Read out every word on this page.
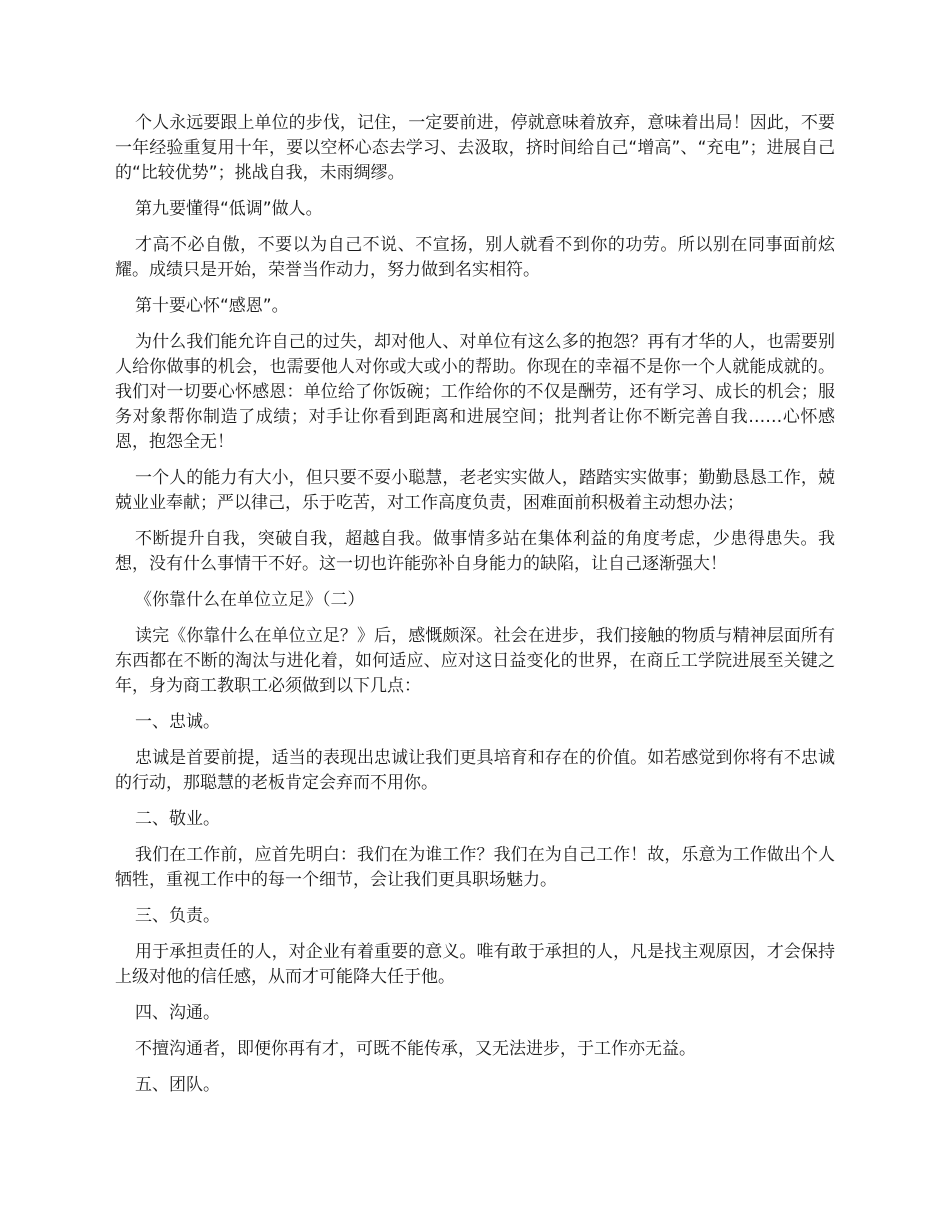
个人永远要跟上单位的步伐，记住，一定要前进，停就意味着放弃，意味着出局！因此，不要一年经验重复用十年，要以空杯心态去学习、去汲取，挤时间给自己“增高”、“充电”；进展自己的“比较优势”；挑战自我，未雨绸缪。

第九要懂得“低调”做人。

才高不必自傲，不要以为自己不说、不宣扬，别人就看不到你的功劳。所以别在同事面前炫耀。成绩只是开始，荣誉当作动力，努力做到名实相符。

第十要心怀“感恩”。

为什么我们能允许自己的过失，却对他人、对单位有这么多的抱怨？再有才华的人，也需要别人给你做事的机会，也需要他人对你或大或小的帮助。你现在的幸福不是你一个人就能成就的。我们对一切要心怀感恩：单位给了你饭碗；工作给你的不仅是酬劳，还有学习、成长的机会；服务对象帮你制造了成绩；对手让你看到距离和进展空间；批判者让你不断完善自我……心怀感恩，抱怨全无！

一个人的能力有大小，但只要不耍小聪慧，老老实实做人，踏踏实实做事；勤勤恳恳工作，兢兢业业奉献；严以律己，乐于吃苦，对工作高度负责，困难面前积极着主动想办法；

不断提升自我，突破自我，超越自我。做事情多站在集体利益的角度考虑，少患得患失。我想，没有什么事情干不好。这一切也许能弥补自身能力的缺陷，让自己逐渐强大！

《你靠什么在单位立足》（二）

读完《你靠什么在单位立足？》后，感慨颇深。社会在进步，我们接触的物质与精神层面所有东西都在不断的淘汰与进化着，如何适应、应对这日益变化的世界，在商丘工学院进展至关键之年，身为商工教职工必须做到以下几点：

一、忠诚。

忠诚是首要前提，适当的表现出忠诚让我们更具培育和存在的价值。如若感觉到你将有不忠诚的行动，那聪慧的老板肯定会弃而不用你。

二、敬业。

我们在工作前，应首先明白：我们在为谁工作？我们在为自己工作！故，乐意为工作做出个人牺牲，重视工作中的每一个细节，会让我们更具职场魅力。

三、负责。

用于承担责任的人，对企业有着重要的意义。唯有敢于承担的人，凡是找主观原因，才会保持上级对他的信任感，从而才可能降大任于他。

四、沟通。

不擅沟通者，即便你再有才，可既不能传承，又无法进步，于工作亦无益。

五、团队。
